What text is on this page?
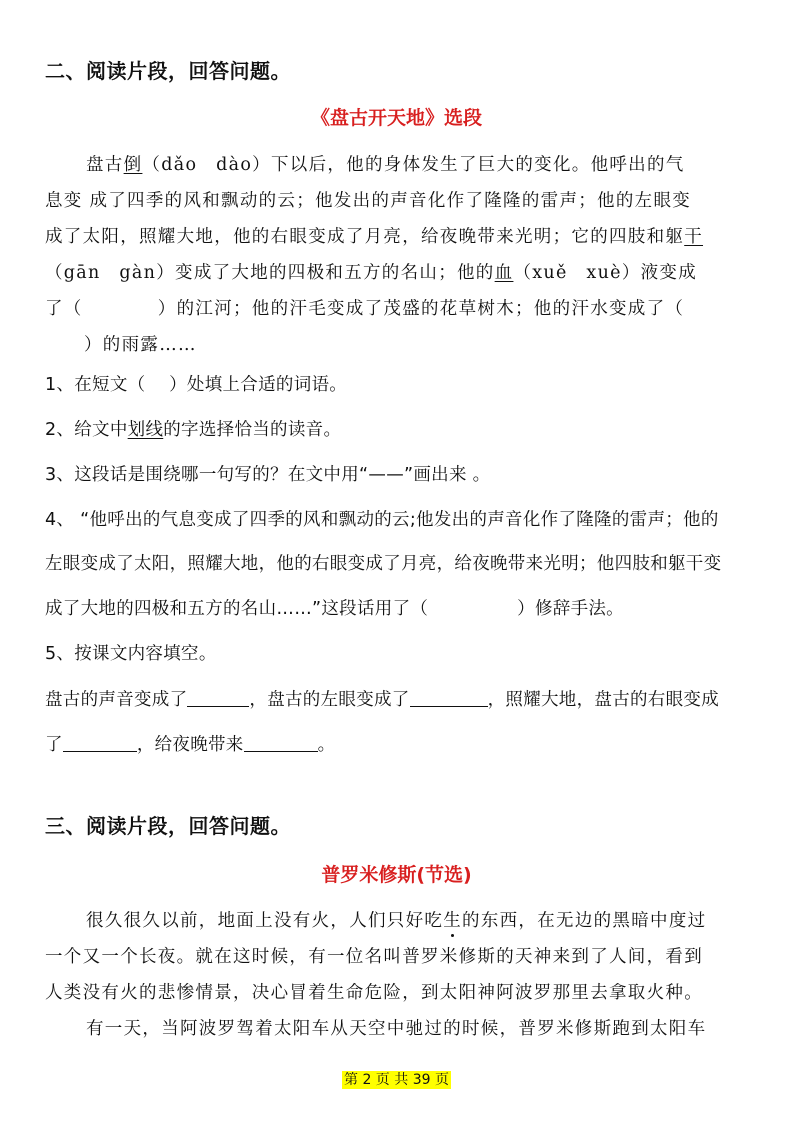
二、阅读片段，回答问题。
《盘古开天地》选段
盘古倒（dǎo　dào）下以后，他的身体发生了巨大的变化。他呼出的气
息变 成了四季的风和飘动的云；他发出的声音化作了隆隆的雷声；他的左眼变
成了太阳，照耀大地，他的右眼变成了月亮，给夜晚带来光明；它的四肢和躯干
（gān　gàn）变成了大地的四极和五方的名山；他的血（xuě　xuè）液变成
了（　　　　）的江河；他的汗毛变成了茂盛的花草树木；他的汗水变成了（
）的雨露……
1、在短文（　 ）处填上合适的词语。
2、给文中划线的字选择恰当的读音。
3、这段话是围绕哪一句写的？在文中用“——”画出来 。
4、 “他呼出的气息变成了四季的风和飘动的云;他发出的声音化作了隆隆的雷声；他的
左眼变成了太阳，照耀大地，他的右眼变成了月亮，给夜晚带来光明；他四肢和躯干变
成了大地的四极和五方的名山……”这段话用了（　　　　　）修辞手法。
5、按课文内容填空。
盘古的声音变成了	，盘古的左眼变成了	，照耀大地，盘古的右眼变成
了	，给夜晚带来	。
三、阅读片段，回答问题。
普罗米修斯(节选)
很久很久以前，地面上没有火，人们只好吃生的东西，在无边的黑暗中度过
一个又一个长夜。就在这时候，有一位名叫普罗米修斯的天神来到了人间，看到
人类没有火的悲惨情景，决心冒着生命危险，到太阳神阿波罗那里去拿取火种。
有一天，当阿波罗驾着太阳车从天空中驰过的时候，普罗米修斯跑到太阳车
第 2 页 共 39 页
